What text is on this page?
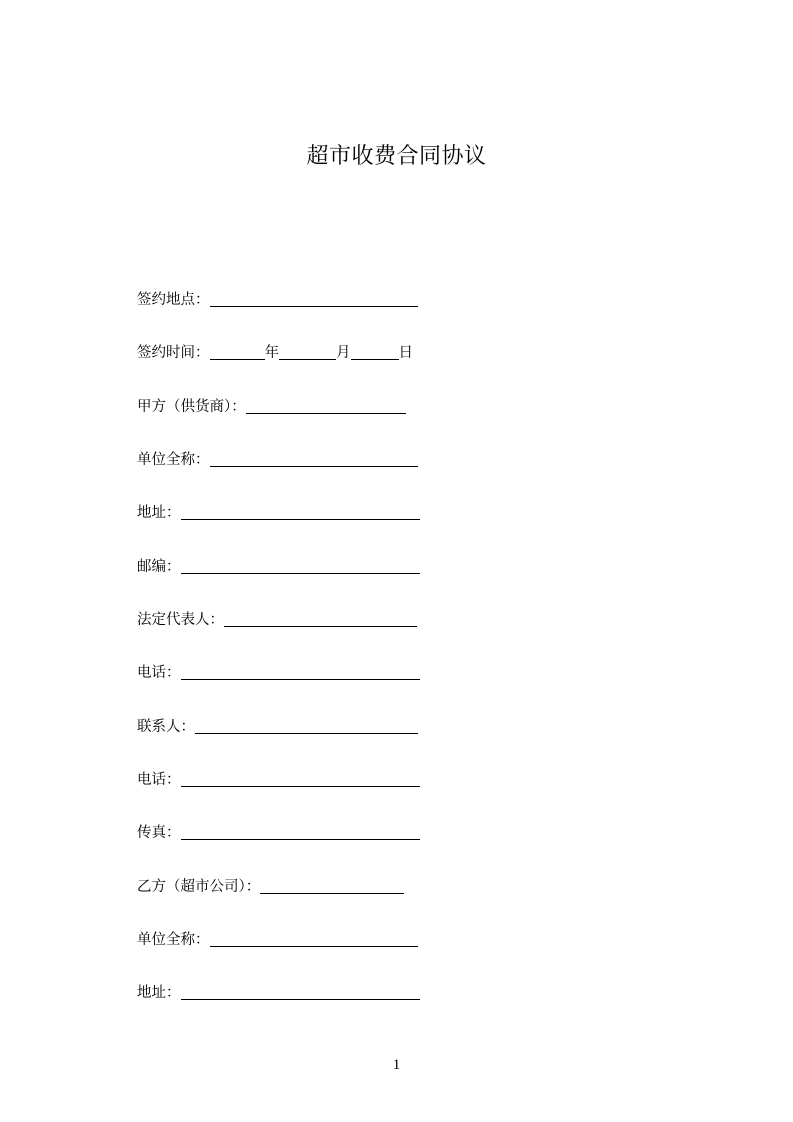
超市收费合同协议
签约地点：
签约时间：	年	月	日
甲方（供货商）：
单位全称：
地址：
邮编：
法定代表人：
电话：
联系人：
电话：
传真：
乙方（超市公司）：
单位全称：
地址：
1
